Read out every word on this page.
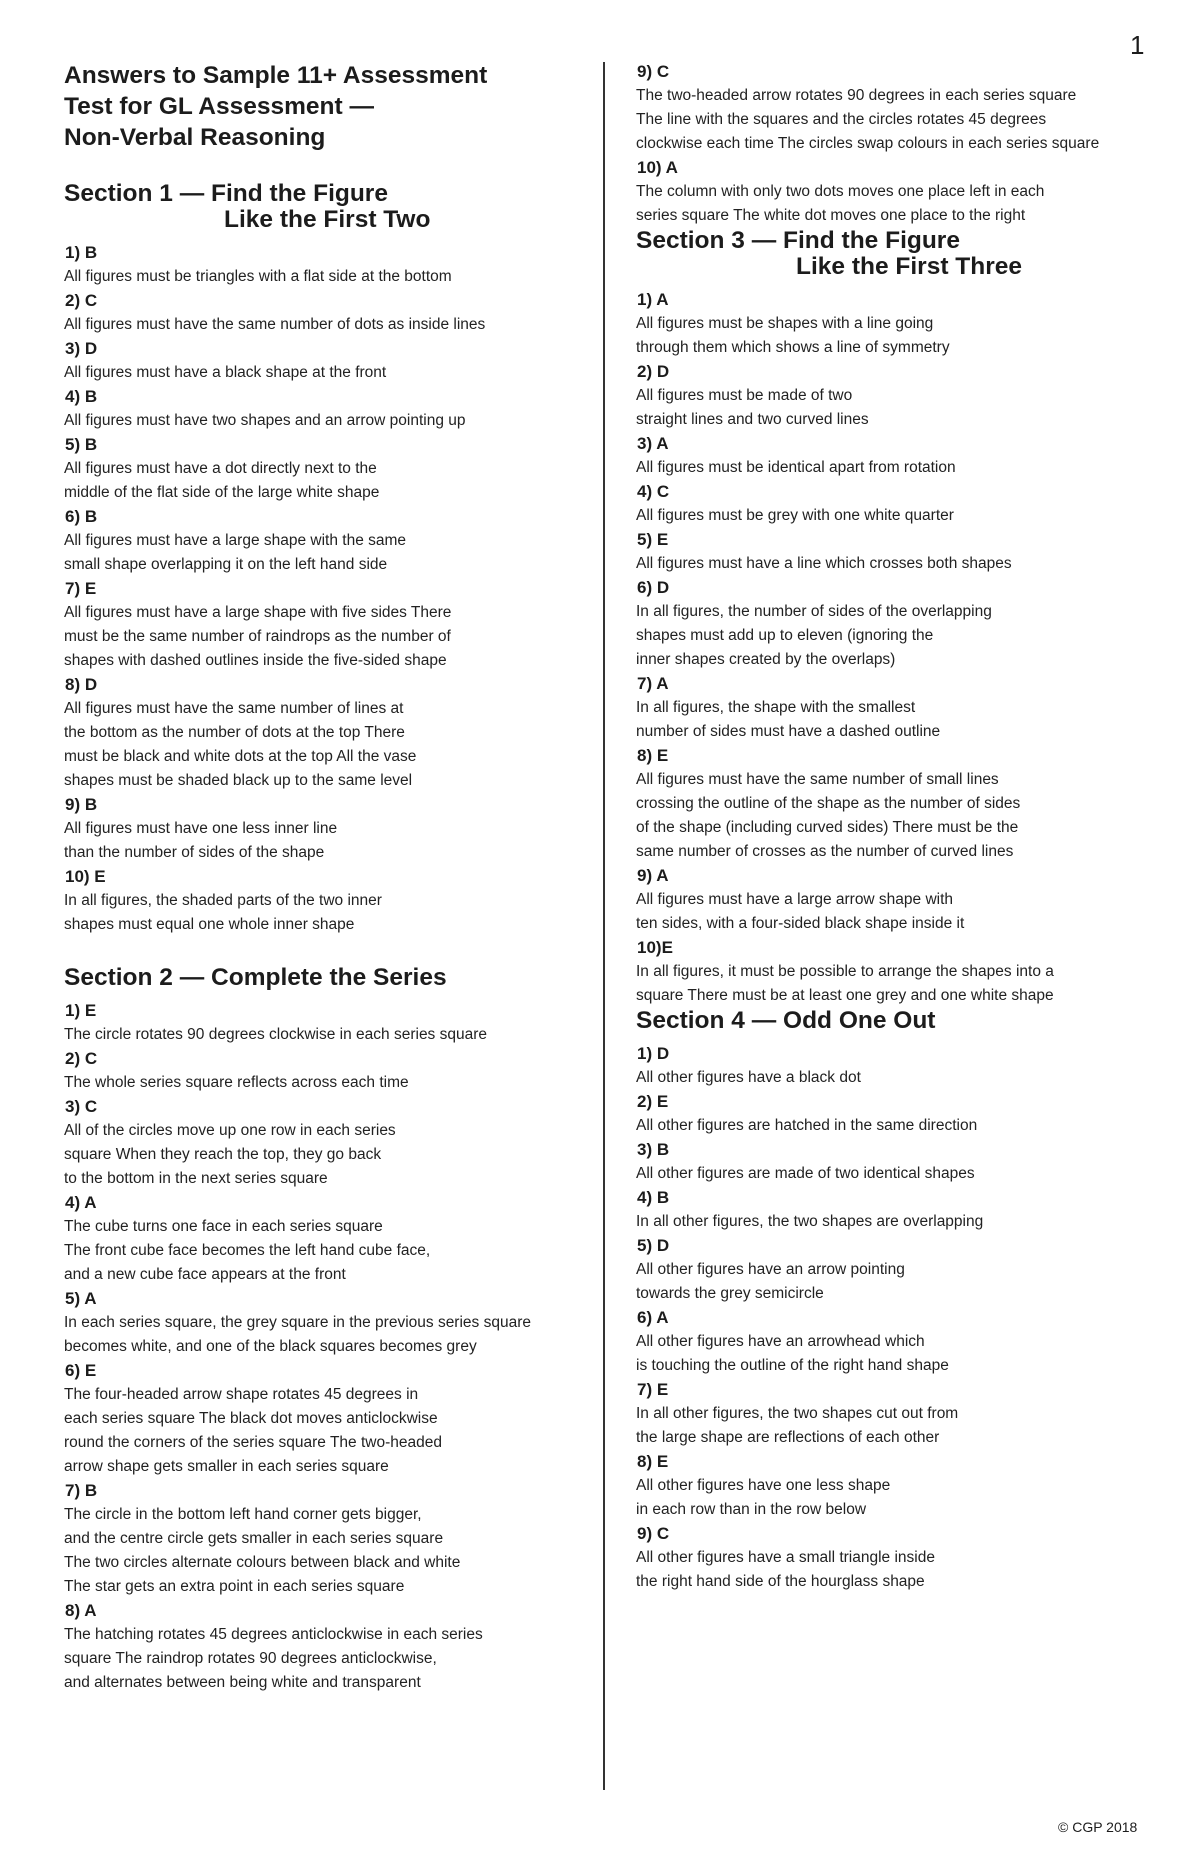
1
Answers to Sample 11+ Assessment
Test for GL Assessment —
Non-Verbal Reasoning
Section 1 — Find the Figure
Like the First Two
1) B
All figures must be triangles with a flat side at the bottom
2) C
All figures must have the same number of dots as inside lines
3) D
All figures must have a black shape at the front
4) B
All figures must have two shapes and an arrow pointing up
5) B
All figures must have a dot directly next to the
middle of the flat side of the large white shape
6) B
All figures must have a large shape with the same
small shape overlapping it on the left hand side
7) E
All figures must have a large shape with five sides There
must be the same number of raindrops as the number of
shapes with dashed outlines inside the five-sided shape
8) D
All figures must have the same number of lines at
the bottom as the number of dots at the top There
must be black and white dots at the top All the vase
shapes must be shaded black up to the same level
9) B
All figures must have one less inner line
than the number of sides of the shape
10) E
In all figures, the shaded parts of the two inner
shapes must equal one whole inner shape
Section 2 — Complete the Series
1) E
The circle rotates 90 degrees clockwise in each series square
2) C
The whole series square reflects across each time
3) C
All of the circles move up one row in each series
square When they reach the top, they go back
to the bottom in the next series square
4) A
The cube turns one face in each series square
The front cube face becomes the left hand cube face,
and a new cube face appears at the front
5) A
In each series square, the grey square in the previous series square
becomes white, and one of the black squares becomes grey
6) E
The four-headed arrow shape rotates 45 degrees in
each series square The black dot moves anticlockwise
round the corners of the series square The two-headed
arrow shape gets smaller in each series square
7) B
The circle in the bottom left hand corner gets bigger,
and the centre circle gets smaller in each series square
The two circles alternate colours between black and white
The star gets an extra point in each series square
8) A
The hatching rotates 45 degrees anticlockwise in each series
square The raindrop rotates 90 degrees anticlockwise,
and alternates between being white and transparent
9) C
The two-headed arrow rotates 90 degrees in each series square
The line with the squares and the circles rotates 45 degrees
clockwise each time The circles swap colours in each series square
10) A
The column with only two dots moves one place left in each
series square The white dot moves one place to the right
Section 3 — Find the Figure
Like the First Three
1) A
All figures must be shapes with a line going
through them which shows a line of symmetry
2) D
All figures must be made of two
straight lines and two curved lines
3) A
All figures must be identical apart from rotation
4) C
All figures must be grey with one white quarter
5) E
All figures must have a line which crosses both shapes
6) D
In all figures, the number of sides of the overlapping
shapes must add up to eleven (ignoring the
inner shapes created by the overlaps)
7) A
In all figures, the shape with the smallest
number of sides must have a dashed outline
8) E
All figures must have the same number of small lines
crossing the outline of the shape as the number of sides
of the shape (including curved sides) There must be the
same number of crosses as the number of curved lines
9) A
All figures must have a large arrow shape with
ten sides, with a four-sided black shape inside it
10)E
In all figures, it must be possible to arrange the shapes into a
square There must be at least one grey and one white shape
Section 4 — Odd One Out
1) D
All other figures have a black dot
2) E
All other figures are hatched in the same direction
3) B
All other figures are made of two identical shapes
4) B
In all other figures, the two shapes are overlapping
5) D
All other figures have an arrow pointing
towards the grey semicircle
6) A
All other figures have an arrowhead which
is touching the outline of the right hand shape
7) E
In all other figures, the two shapes cut out from
the large shape are reflections of each other
8) E
All other figures have one less shape
in each row than in the row below
9) C
All other figures have a small triangle inside
the right hand side of the hourglass shape
© CGP 2018
